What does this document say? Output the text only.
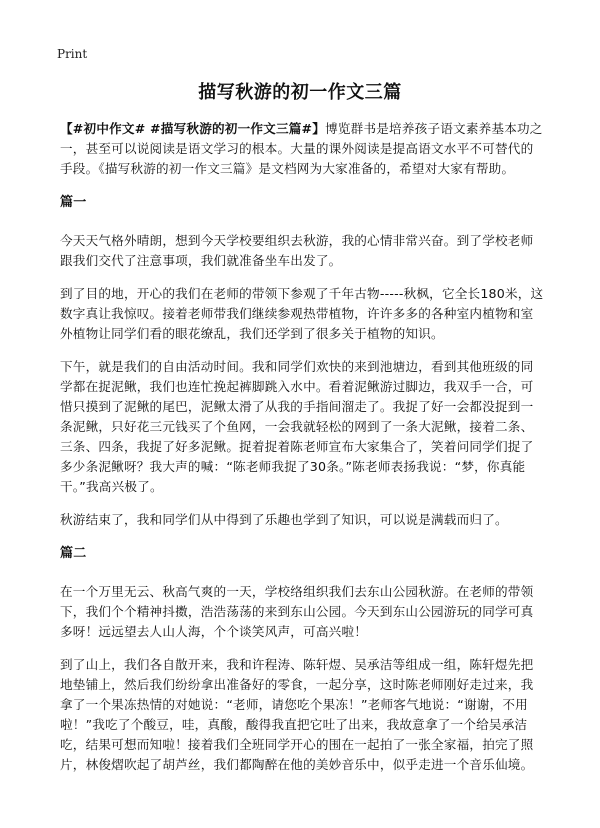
Print
描写秋游的初一作文三篇

【#初中作文# #描写秋游的初一作文三篇#】博览群书是培养孩子语文素养基本功之一，甚至可以说阅读是语文学习的根本。大量的课外阅读是提高语文水平不可替代的手段。《描写秋游的初一作文三篇》是文档网为大家准备的，希望对大家有帮助。

篇一

今天天气格外晴朗，想到今天学校要组织去秋游，我的心情非常兴奋。到了学校老师跟我们交代了注意事项，我们就准备坐车出发了。

到了目的地，开心的我们在老师的带领下参观了千年古物-----秋枫，它全长180米，这数字真让我惊叹。接着老师带我们继续参观热带植物，许许多多的各种室内植物和室外植物让同学们看的眼花缭乱，我们还学到了很多关于植物的知识。

下午，就是我们的自由活动时间。我和同学们欢快的来到池塘边，看到其他班级的同学都在捉泥鳅，我们也连忙挽起裤脚跳入水中。看着泥鳅游过脚边，我双手一合，可惜只摸到了泥鳅的尾巴，泥鳅太滑了从我的手指间溜走了。我捉了好一会都没捉到一条泥鳅，只好花三元钱买了个鱼网，一会我就轻松的网到了一条大泥鳅，接着二条、三条、四条，我捉了好多泥鳅。捉着捉着陈老师宣布大家集合了，笑着问同学们捉了多少条泥鳅呀？我大声的喊：“陈老师我捉了30条。”陈老师表扬我说：“梦，你真能干。”我高兴极了。

秋游结束了，我和同学们从中得到了乐趣也学到了知识，可以说是满载而归了。

篇二

在一个万里无云、秋高气爽的一天，学校络组织我们去东山公园秋游。在老师的带领下，我们个个精神抖擞，浩浩荡荡的来到东山公园。今天到东山公园游玩的同学可真多呀！远远望去人山人海，个个谈笑风声，可高兴啦！

到了山上，我们各自散开来，我和许程涛、陈轩煜、吴承洁等组成一组，陈轩煜先把地垫铺上，然后我们纷纷拿出准备好的零食，一起分享，这时陈老师刚好走过来，我拿了一个果冻热情的对她说：“老师，请您吃个果冻！”老师客气地说：“谢谢，不用啦！”我吃了个酸豆，哇，真酸，酸得我直把它吐了出来，我故意拿了一个给吴承洁吃，结果可想而知啦！接着我们全班同学开心的围在一起拍了一张全家福，拍完了照片，林俊熠吹起了胡芦丝，我们都陶醉在他的美妙音乐中，似乎走进一个音乐仙境。
